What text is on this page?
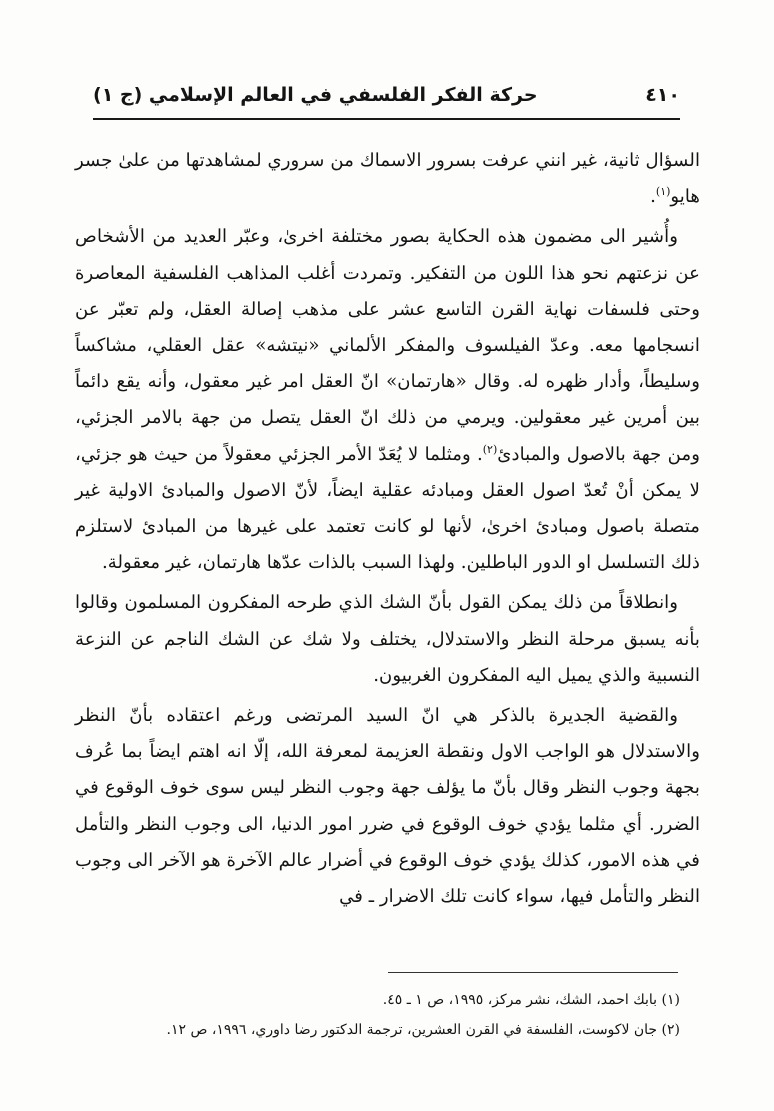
٤١٠
حركة الفكر الفلسفي في العالم الإسلامي (ج ١)

السؤال ثانية، غير انني عرفت بسرور الاسماك من سروري لمشاهدتها من علىٰ جسر هايو$^{(١)}$.

وأُشير الى مضمون هذه الحكاية بصور مختلفة اخرىٰ، وعبّر العديد من الأشخاص عن نزعتهم نحو هذا اللون من التفكير. وتمردت أغلب المذاهب الفلسفية المعاصرة وحتى فلسفات نهاية القرن التاسع عشر على مذهب إصالة العقل، ولم تعبّر عن انسجامها معه. وعدّ الفيلسوف والمفكر الألماني «نيتشه» عقل العقلي، مشاكساً وسليطاً، وأدار ظهره له. وقال «هارتمان» انّ العقل امر غير معقول، وأنه يقع دائماً بين أمرين غير معقولين. ويرمي من ذلك انّ العقل يتصل من جهة بالامر الجزئي، ومن جهة بالاصول والمبادئ$^{(٢)}$. ومثلما لا يُعَدّ الأمر الجزئي معقولاً من حيث هو جزئي، لا يمكن أنْ تُعدّ اصول العقل ومبادئه عقلية ايضاً، لأنّ الاصول والمبادئ الاولية غير متصلة باصول ومبادئ اخرىٰ، لأنها لو كانت تعتمد على غيرها من المبادئ لاستلزم ذلك التسلسل او الدور الباطلين. ولهذا السبب بالذات عدّها هارتمان، غير معقولة.

وانطلاقاً من ذلك يمكن القول بأنّ الشك الذي طرحه المفكرون المسلمون وقالوا بأنه يسبق مرحلة النظر والاستدلال، يختلف ولا شك عن الشك الناجم عن النزعة النسبية والذي يميل اليه المفكرون الغربيون.

والقضية الجديرة بالذكر هي انّ السيد المرتضى ورغم اعتقاده بأنّ النظر والاستدلال هو الواجب الاول ونقطة العزيمة لمعرفة الله، إلّا انه اهتم ايضاً بما عُرف بجهة وجوب النظر وقال بأنّ ما يؤلف جهة وجوب النظر ليس سوى خوف الوقوع في الضرر. أي مثلما يؤدي خوف الوقوع في ضرر امور الدنيا، الى وجوب النظر والتأمل في هذه الامور، كذلك يؤدي خوف الوقوع في أضرار عالم الآخرة هو الآخر الى وجوب النظر والتأمل فيها، سواء كانت تلك الاضرار ـ في

(١) بابك احمد، الشك، نشر مركز، ١٩٩٥، ص ١ ـ ٤٥.

(٢) جان لاكوست، الفلسفة في القرن العشرين، ترجمة الدكتور رضا داوري، ١٩٩٦، ص ١٢.
